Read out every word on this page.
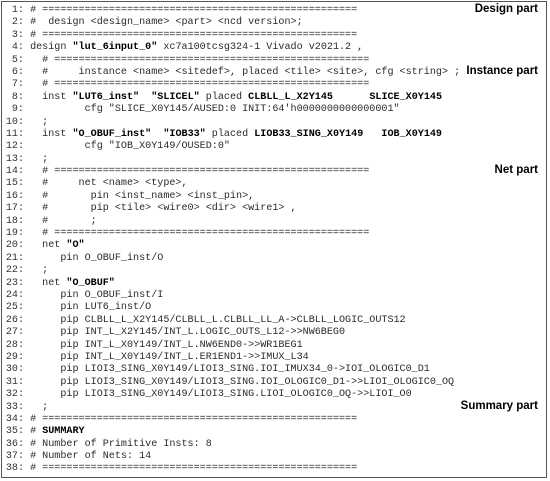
1: # ====================================================	Design part
2: #  design <design_name> <part> <ncd version>;
3: # ====================================================
4: design "lut_6input_0" xc7a100tcsg324-1 Vivado v2021.2 ,
5:   # ====================================================
6:   #     instance <name> <sitedef>, placed <tile> <site>, cfg <string> ; Instance part
7:   # ====================================================
8:   inst "LUT6_inst" "SLICEL" placed CLBLL_L_X2Y145	SLICE_X0Y145
9:          cfg "SLICE_X0Y145/AUSED:0 INIT:64'h0000000000000001"
10:   ;
11:   inst "O_OBUF_inst" "IOB33" placed LIOB33_SING_X0Y149 IOB_X0Y149
12:          cfg "IOB_X0Y149/OUSED:0"
13:   ;
14:   # ====================================================	Net part
15:   #     net <name> <type>,
16:   #       pin <inst_name> <inst_pin>,
17:   #       pip <tile> <wire0> <dir> <wire1> ,
18:   #       ;
19:   # ====================================================
20:   net "O"
21:      pin O_OBUF_inst/O
22:   ;
23:   net "O_OBUF"
24:      pin O_OBUF_inst/I
25:      pin LUT6_inst/O
26:      pip CLBLL_L_X2Y145/CLBLL_L.CLBLL_LL_A->CLBLL_LOGIC_OUTS12
27:      pip INT_L_X2Y145/INT_L.LOGIC_OUTS_L12->>NW6BEG0
28:      pip INT_L_X0Y149/INT_L.NW6END0->>WR1BEG1
29:      pip INT_L_X0Y149/INT_L.ER1END1->>IMUX_L34
30:      pip LIOI3_SING_X0Y149/LIOI3_SING.IOI_IMUX34_0->IOI_OLOGIC0_D1
31:      pip LIOI3_SING_X0Y149/LIOI3_SING.IOI_OLOGIC0_D1->>LIOI_OLOGIC0_OQ
32:      pip LIOI3_SING_X0Y149/LIOI3_SING.LIOI_OLOGIC0_OQ->>LIOI_O0
33:   ;	Summary part
34: # ====================================================
35: # SUMMARY
36: # Number of Primitive Insts: 8
37: # Number of Nets: 14
38: # ====================================================
